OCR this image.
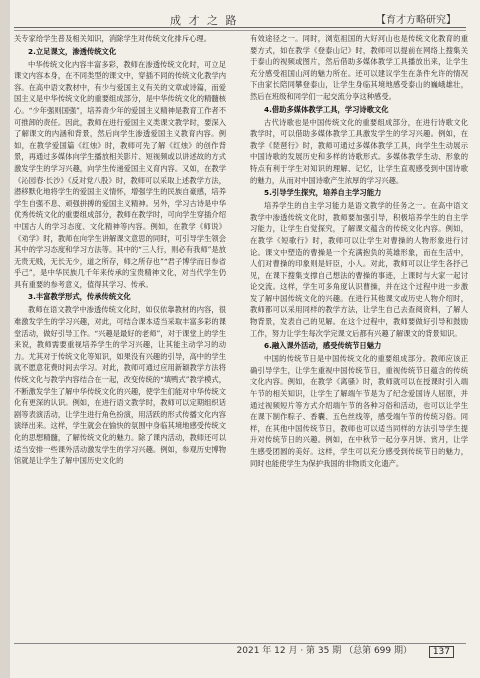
成 才 之 路	【育才方略研究】

关专家给学生普及相关知识，消除学生对传统文化排斥心理。

2.立足课文，渗透传统文化

中华传统文化内容丰富多彩，教师在渗透传统文化时，可立足课文内容本身，在不同类型的课文中，穿插不同的传统文化教学内容。在高中语文教材中，有少与爱国主义有关的文章或诗篇，而爱国主义是中华传统文化的重要组成部分，是中华传统文化的精髓核心。“少年强则国强”，培养青少年的爱国主义精神是教育工作者不可推卸的责任。因此，教师在进行爱国主义类课文教学时，要深入了解课文的内涵和背景，然后向学生渗透爱国主义教育内容。例如，在教学爱国篇《红烛》时，教师可先了解《红烛》的创作背景，再通过多媒体向学生播放相关影片、短视频或以讲述故的方式激发学生的学习兴趣，向学生传递爱国主义育内容。又如，在教学《沁园春·长沙》《反对党八股》时，教师可以采取上述教学方法，潜移默化地将学生的爱国主义情怀，增强学生的民族自豪感，培养学生自强不息、顽强拼搏的爱国主义精神。另外，学习古诗是中华优秀传统文化的重要组成部分，教师在教学时，可向学生穿插介绍中国古人的学习态度、文化精神等内容。例如，在教学《师说》《劝学》时，教师在向学生讲解课文意思的同时，可引导学生领会其中的学习态度和学习方法等。其中的“三人行，则必有我师”是放无贵无贱，无长无少，道之所存，师之所存也”“君子博学而日参省乎己”，是中华民族几千年来传承的宝贵精神文化，对当代学生仍具有重要的参考意义，值得其学习、传承。

3.丰富教学形式，传承传统文化

教师在语文教学中渗透传统文化时，如仅依靠教材的内容，很难激发学生的学习兴趣，对此，可结合课本适当采取丰富多彩的课堂活动，做好引导工作。“兴趣是最好的老师”，对于课堂上的学生来说，教师需要重视培养学生的学习兴趣，让其能主动学习的动力。尤其对于传统文化等知识，如果没有兴趣的引导，高中的学生就不愿意花费时间去学习。对此，教师可通过应用新颖教学方法将传统文化与教学内容结合在一起，改变传统的“填鸭式”教学模式，不断激发学生了解中华传统文化的兴趣，使学生们能对中华传统文化有更深的认识。例如，在进行语文教学时，教师可以定期组织话剧等表演活动，让学生进行角色扮演，用活跃的形式传播文化内容演绎出来。这样，学生就会在愉快的氛围中身临其境地感受传统文化的思想精髓，了解传统文化的魅力。除了课内活动，教师还可以适当安排一些课外活动激发学生的学习兴趣。例如，参观历史博物馆就是让学生了解中国历史文化的

有效途径之一。同时，浏览祖国的大好河山也是传统文化教育的重要方式，如在教学《登泰山记》时，教师可以提前在网络上搜集关于泰山的视频或图片，然后借助多媒体教学工具播放出来，让学生充分感受祖国山河的魅力所在。还可以建议学生在条件允许的情况下由家长陪同攀登泰山，让学生身临其境地感受泰山的巍峨雄壮，然后在班级和同学们一起交流分享这种感受。

4.借助多媒体教学工具，学习诗歌文化

古代诗歌也是中国传统文化的重要组成部分，在进行诗歌文化教学时，可以借助多媒体教学工具激发学生的学习兴趣。例如，在教学《琵琶行》时，教师可通过多媒体教学工具，向学生生动展示中国诗歌的发展历史和多样的诗歌形式。多媒体教学生动、形象的特点有利于学生对知识的理解、记忆，让学生直观感受到中国诗歌的魅力，从而对中国诗歌产生浓厚的学习兴趣。

5.引导学生探究，培养自主学习能力

培养学生的自主学习能力是语文教学的任务之一。在高中语文教学中渗透传统文化时，教师要加强引导，积极培养学生的自主学习能力，让学生自觉探究，了解课文蕴含的传统文化内容。例如，在教学《短歌行》时，教师可以让学生对曹操的人物形象进行讨论。课文中塑造的曹操是一个充满抱负的英雄形象，而在生活中，人们对曹操的印象则是奸臣，小人。对此，教师可以让学生各抒己见，在课下搜集支撑自己想法的曹操的事迹，上课时与大家一起讨论交流。这样，学生可多角度认识曹操，并在这个过程中进一步激发了解中国传统文化的兴趣。在进行其他课文或历史人物介绍时，教师都可以采用同样的教学方法，让学生自己去查阅资料，了解人物背景，发表自己的见解。在这个过程中，教师要做好引导和鼓励工作，努力让学生每次学完课文后都有兴趣了解课文的背景知识。

6.融入课外活动，感受传统节日魅力

中国的传统节日是中国传统文化的重要组成部分。教师应该正确引导学生，让学生重视中国传统节日，重视传统节日蕴含的传统文化内容。例如，在教学《离骚》时，教师就可以在授课时引入端午节的相关知识，让学生了解端午节是为了纪念爱国诗人屈原，并通过视频短片等方式介绍端午节的各种习俗和活动，也可以让学生在课下制作粽子、香囊、五色丝线等，感受端午节的传统习俗。同样，在其他中国传统节日，教师也可以适当同样的方法引导学生提升对传统节日的兴趣。例如，在中秋节一起分享月饼、赏月，让学生感受团圆的美好。这样，学生可以充分感受到传统节日的魅力，同时也能使学生为保护我国的非物质文化遗产。

2021 年 12 月 · 第 35 期 （总第 699 期）	137
